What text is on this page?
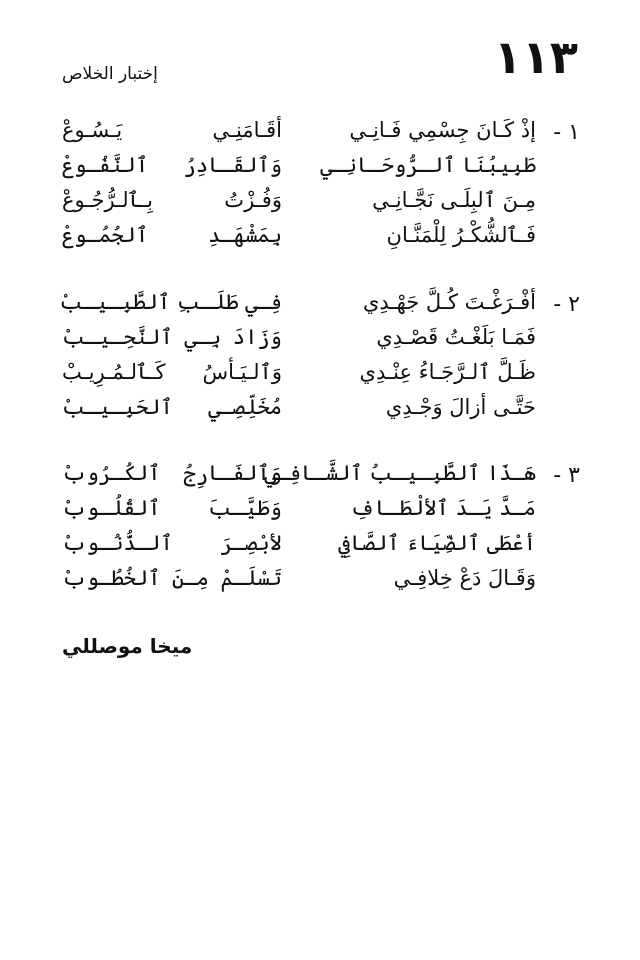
١١٣
إختبار الخلاص
١ -
إذْ كَـانَ جِسْمِي فَـانِـي
أقَـامَنِـي يَـسُـوعْ
طَبِيبُنَا ٱلـرُّوحَـانِـي
وَٱلقَـادِرُ ٱلنَّفُـوعْ
مِـنَ ٱلبِلَـى نَجَّـانِـي
وَفُـزْتُ بِـٱلـرُّجُـوعْ
فَـٱلشُّكْـرُ لِلْمَنَّـانِ
بِمَشْهَـدِ ٱلجُمُـوعْ
٢ -
أفْـرَغْـتَ كُـلَّ جَهْـدِي
فِـي طَلَـبِ ٱلطَّبِـيـبْ
فَمَـا بَلَغْـتُ قَصْـدِي
وَزَادَ بِـي ٱلنَّحِـيـبْ
ظَـلَّ ٱلـرَّجَـاءُ عِنْـدِي
وَٱلـيَـأسُ كَـٱلـمُـرِيـبْ
حَتَّـى أزالَ وَجْـدِي
مُخَلِّصِـي ٱلحَبِـيـبْ
٣ -
هَـذَا ٱلطَّبِـيـبُ ٱلشَّـافِـي
وَٱلفَـارِجُ ٱلكُـرُوبْ
مَـدَّ يَـدَ ٱلألْطَـافِ
وَطَيَّـبَ ٱلقُلُـوبْ
أعْطَى ٱلضِّيَاءَ ٱلصَّافِي
لأبْصِـرَ ٱلـذُّنُـوبْ
وَقَـالَ دَعْ خِلافِـي
تَسْلَـمْ مِـنَ ٱلخُطُـوبْ
ميخا موصللي
